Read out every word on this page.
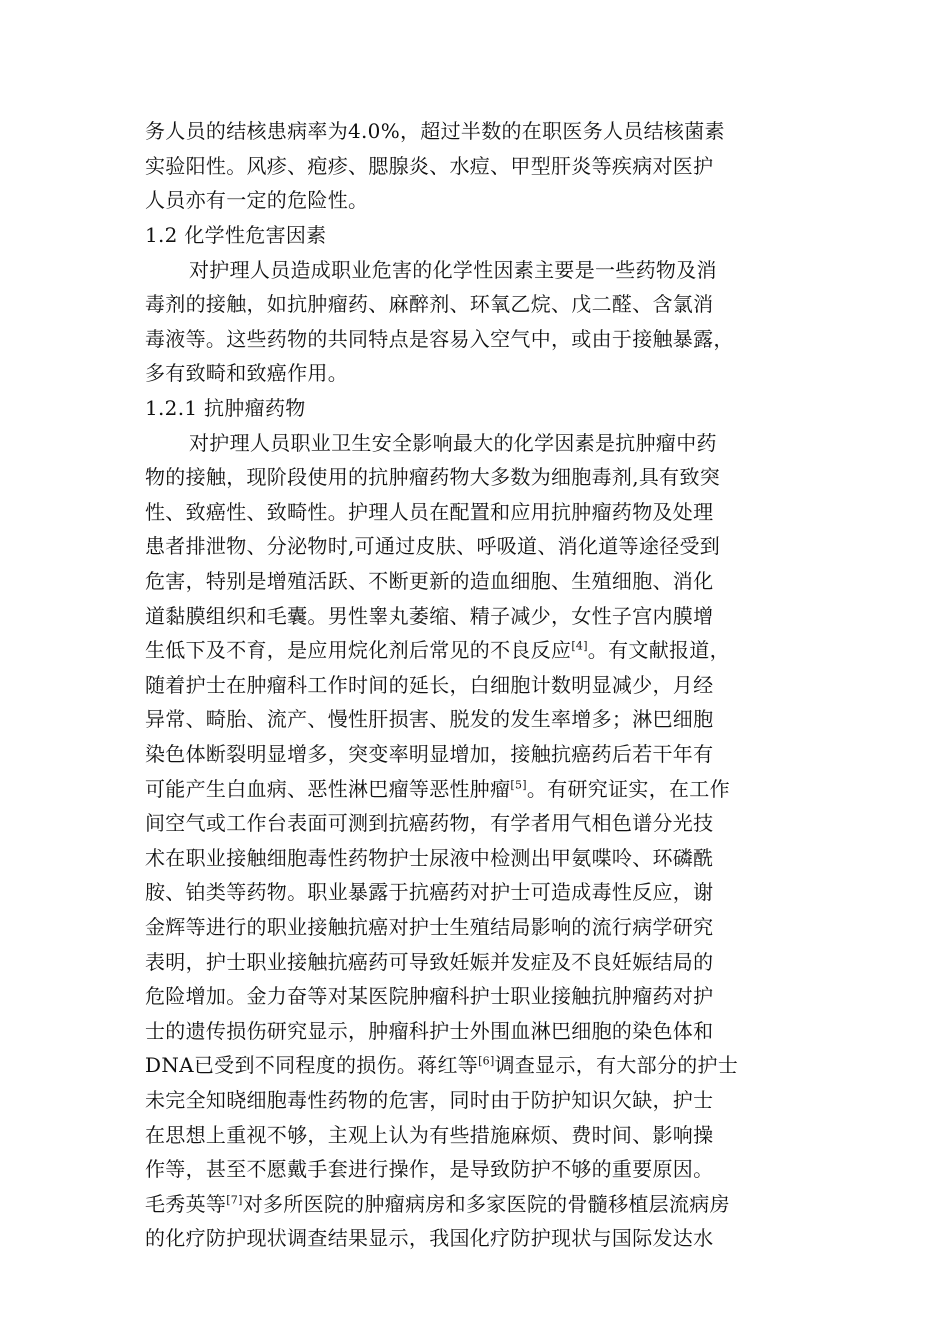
务人员的结核患病率为4.0%，超过半数的在职医务人员结核菌素
实验阳性。风疹、疱疹、腮腺炎、水痘、甲型肝炎等疾病对医护
人员亦有一定的危险性。
1.2 化学性危害因素
对护理人员造成职业危害的化学性因素主要是一些药物及消
毒剂的接触，如抗肿瘤药、麻醉剂、环氧乙烷、戊二醛、含氯消
毒液等。这些药物的共同特点是容易入空气中，或由于接触暴露，
多有致畸和致癌作用。
1.2.1 抗肿瘤药物
对护理人员职业卫生安全影响最大的化学因素是抗肿瘤中药
物的接触，现阶段使用的抗肿瘤药物大多数为细胞毒剂,具有致突
性、致癌性、致畸性。护理人员在配置和应用抗肿瘤药物及处理
患者排泄物、分泌物时,可通过皮肤、呼吸道、消化道等途径受到
危害，特别是增殖活跃、不断更新的造血细胞、生殖细胞、消化
道黏膜组织和毛囊。男性睾丸萎缩、精子减少，女性子宫内膜增
生低下及不育，是应用烷化剂后常见的不良反应[4]。有文献报道，
随着护士在肿瘤科工作时间的延长，白细胞计数明显减少，月经
异常、畸胎、流产、慢性肝损害、脱发的发生率增多；淋巴细胞
染色体断裂明显增多，突变率明显增加，接触抗癌药后若干年有
可能产生白血病、恶性淋巴瘤等恶性肿瘤[5]。有研究证实，在工作
间空气或工作台表面可测到抗癌药物，有学者用气相色谱分光技
术在职业接触细胞毒性药物护士尿液中检测出甲氨喋呤、环磷酰
胺、铂类等药物。职业暴露于抗癌药对护士可造成毒性反应，谢
金辉等进行的职业接触抗癌对护士生殖结局影响的流行病学研究
表明，护士职业接触抗癌药可导致妊娠并发症及不良妊娠结局的
危险增加。金力奋等对某医院肿瘤科护士职业接触抗肿瘤药对护
士的遗传损伤研究显示，肿瘤科护士外围血淋巴细胞的染色体和
DNA已受到不同程度的损伤。蒋红等[6]调查显示，有大部分的护士
未完全知晓细胞毒性药物的危害，同时由于防护知识欠缺，护士
在思想上重视不够，主观上认为有些措施麻烦、费时间、影响操
作等，甚至不愿戴手套进行操作，是导致防护不够的重要原因。
毛秀英等[7]对多所医院的肿瘤病房和多家医院的骨髓移植层流病房
的化疗防护现状调查结果显示，我国化疗防护现状与国际发达水
